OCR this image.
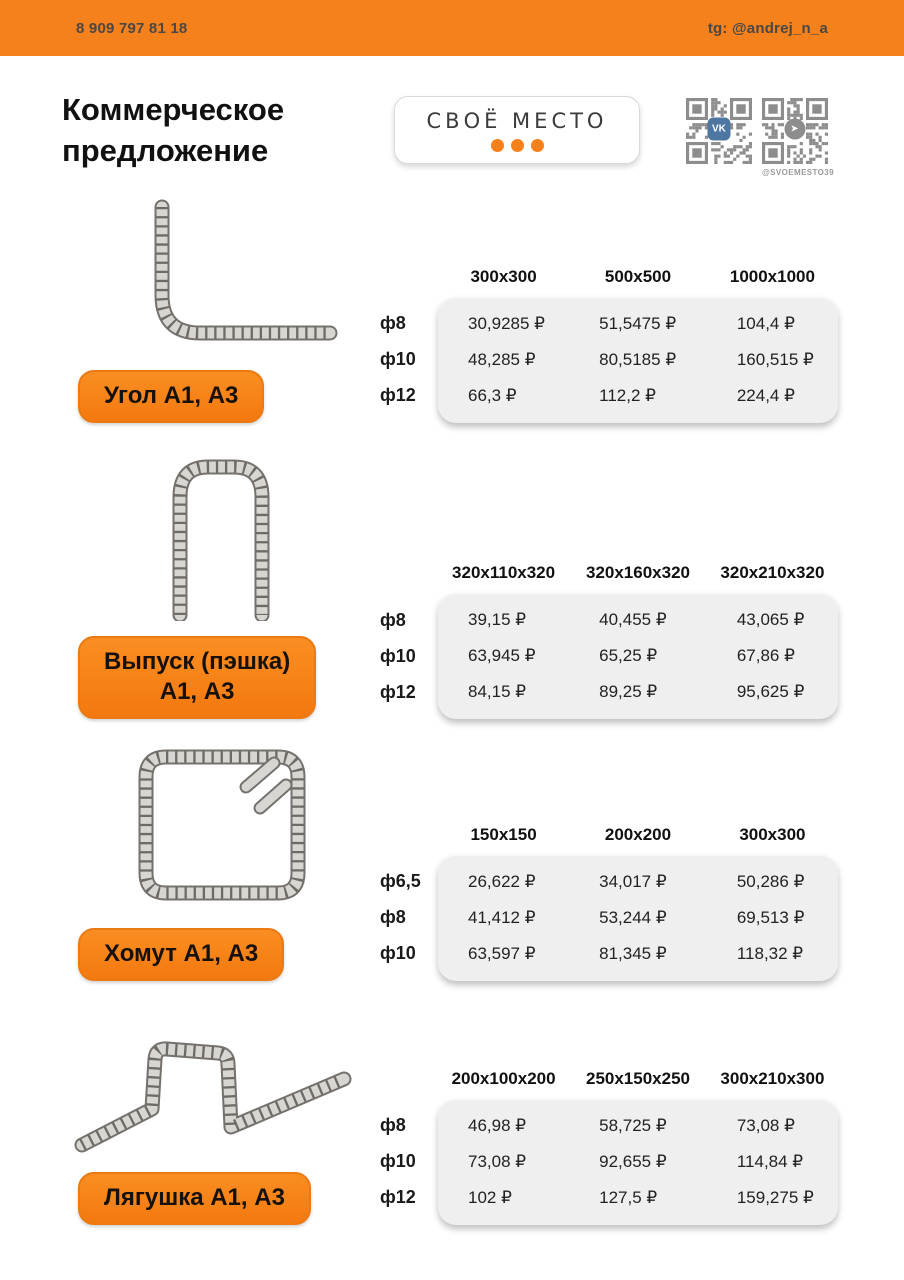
8 909 797 81 18	tg: @andrej_n_a
Коммерческое
предложение
СВОЁ МЕСТО	VK	➤
@SVOEMESTO39
Угол А1, А3
300x300	500x500	1000x1000
ф8	30,9285 ₽	51,5475 ₽	104,4 ₽
ф10	48,285 ₽	80,5185 ₽	160,515 ₽
ф12	66,3 ₽	112,2 ₽	224,4 ₽
Выпуск (пэшка)
А1, А3
320x110x320	320x160x320	320x210x320
ф8	39,15 ₽	40,455 ₽	43,065 ₽
ф10	63,945 ₽	65,25 ₽	67,86 ₽
ф12	84,15 ₽	89,25 ₽	95,625 ₽
Хомут А1, А3
150x150	200x200	300x300
ф6,5	26,622 ₽	34,017 ₽	50,286 ₽
ф8	41,412 ₽	53,244 ₽	69,513 ₽
ф10	63,597 ₽	81,345 ₽	118,32 ₽
Лягушка А1, А3
200x100x200	250x150x250	300x210x300
ф8	46,98 ₽	58,725 ₽	73,08 ₽
ф10	73,08 ₽	92,655 ₽	114,84 ₽
ф12	102 ₽	127,5 ₽	159,275 ₽
